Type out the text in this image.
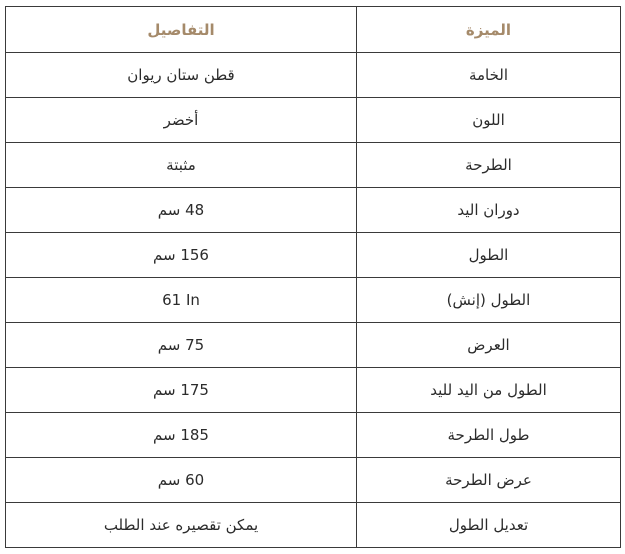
الميزة	التفاصيل
الخامة	قطن ستان ريوان
اللون	أخضر
الطرحة	مثبتة
دوران اليد	48 سم
الطول	156 سم
الطول (إنش)	61 In
العرض	75 سم
الطول من اليد لليد	175 سم
طول الطرحة	185 سم
عرض الطرحة	60 سم
تعديل الطول	يمكن تقصيره عند الطلب
